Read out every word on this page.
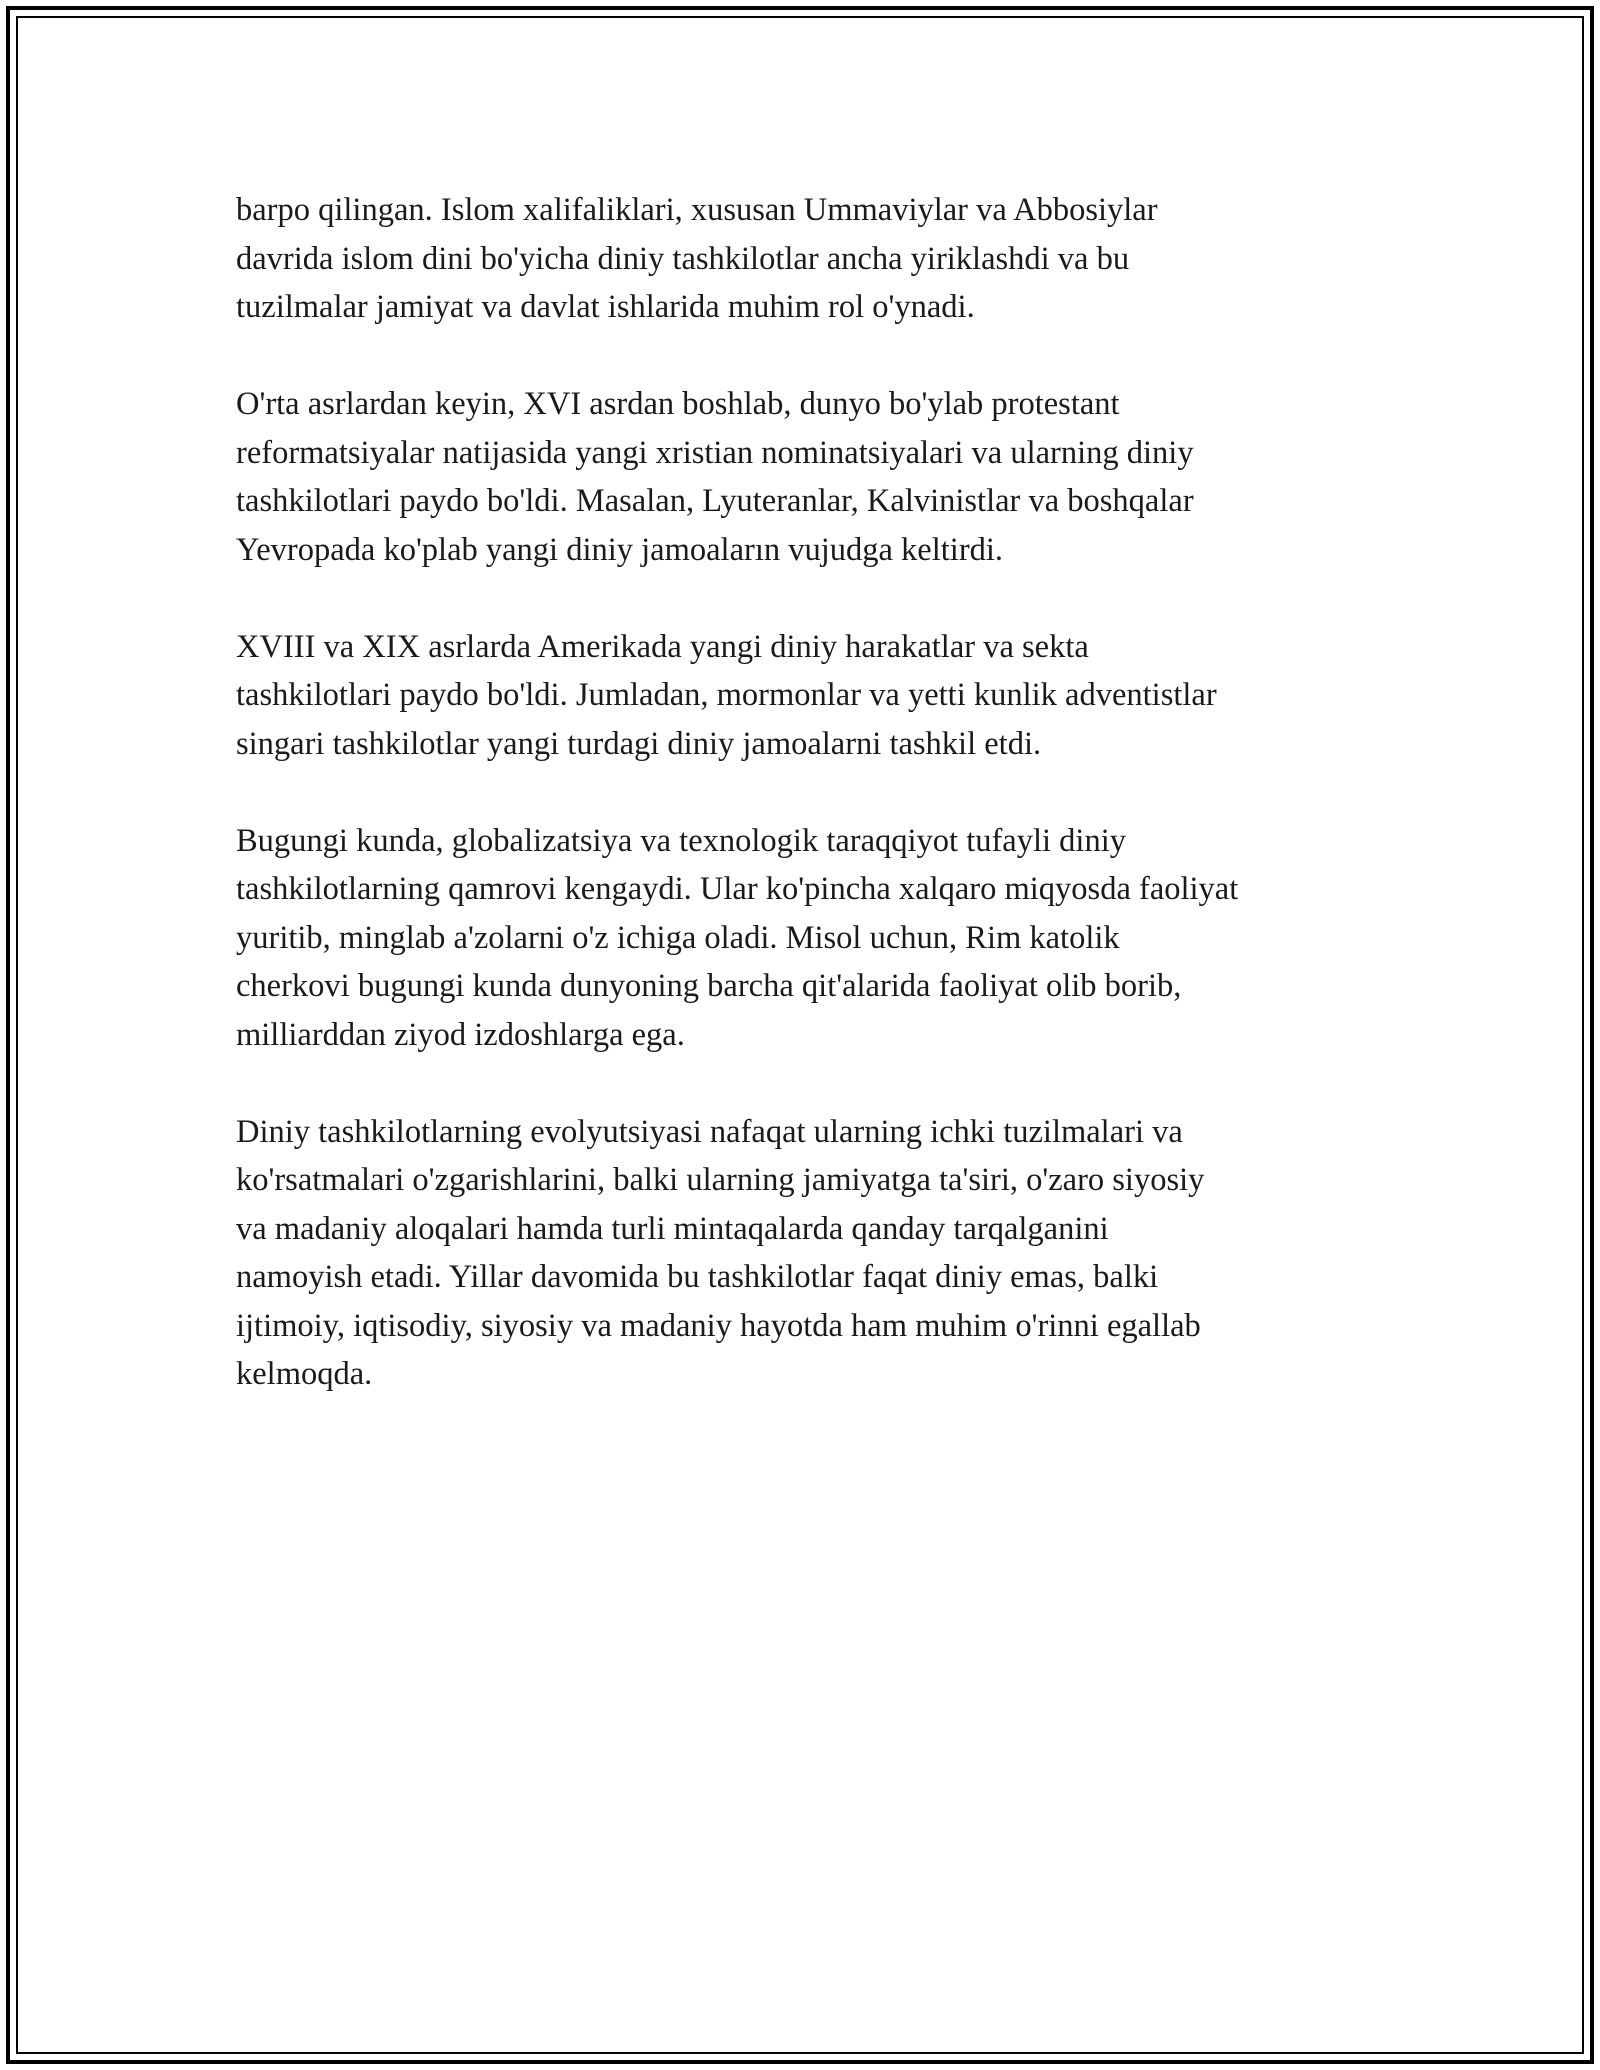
barpo qilingan. Islom xalifaliklari, xususan Ummaviylar va Abbosiylar
davrida islom dini bo'yicha diniy tashkilotlar ancha yiriklashdi va bu
tuzilmalar jamiyat va davlat ishlarida muhim rol o'ynadi.

O'rta asrlardan keyin, XVI asrdan boshlab, dunyo bo'ylab protestant
reformatsiyalar natijasida yangi xristian nominatsiyalari va ularning diniy
tashkilotlari paydo bo'ldi. Masalan, Lyuteranlar, Kalvinistlar va boshqalar
Yevropada ko'plab yangi diniy jamoaların vujudga keltirdi.

XVIII va XIX asrlarda Amerikada yangi diniy harakatlar va sekta
tashkilotlari paydo bo'ldi. Jumladan, mormonlar va yetti kunlik adventistlar
singari tashkilotlar yangi turdagi diniy jamoalarni tashkil etdi.

Bugungi kunda, globalizatsiya va texnologik taraqqiyot tufayli diniy
tashkilotlarning qamrovi kengaydi. Ular ko'pincha xalqaro miqyosda faoliyat
yuritib, minglab a'zolarni o'z ichiga oladi. Misol uchun, Rim katolik
cherkovi bugungi kunda dunyoning barcha qit'alarida faoliyat olib borib,
milliarddan ziyod izdoshlarga ega.

Diniy tashkilotlarning evolyutsiyasi nafaqat ularning ichki tuzilmalari va
ko'rsatmalari o'zgarishlarini, balki ularning jamiyatga ta'siri, o'zaro siyosiy
va madaniy aloqalari hamda turli mintaqalarda qanday tarqalganini
namoyish etadi. Yillar davomida bu tashkilotlar faqat diniy emas, balki
ijtimoiy, iqtisodiy, siyosiy va madaniy hayotda ham muhim o'rinni egallab
kelmoqda.
